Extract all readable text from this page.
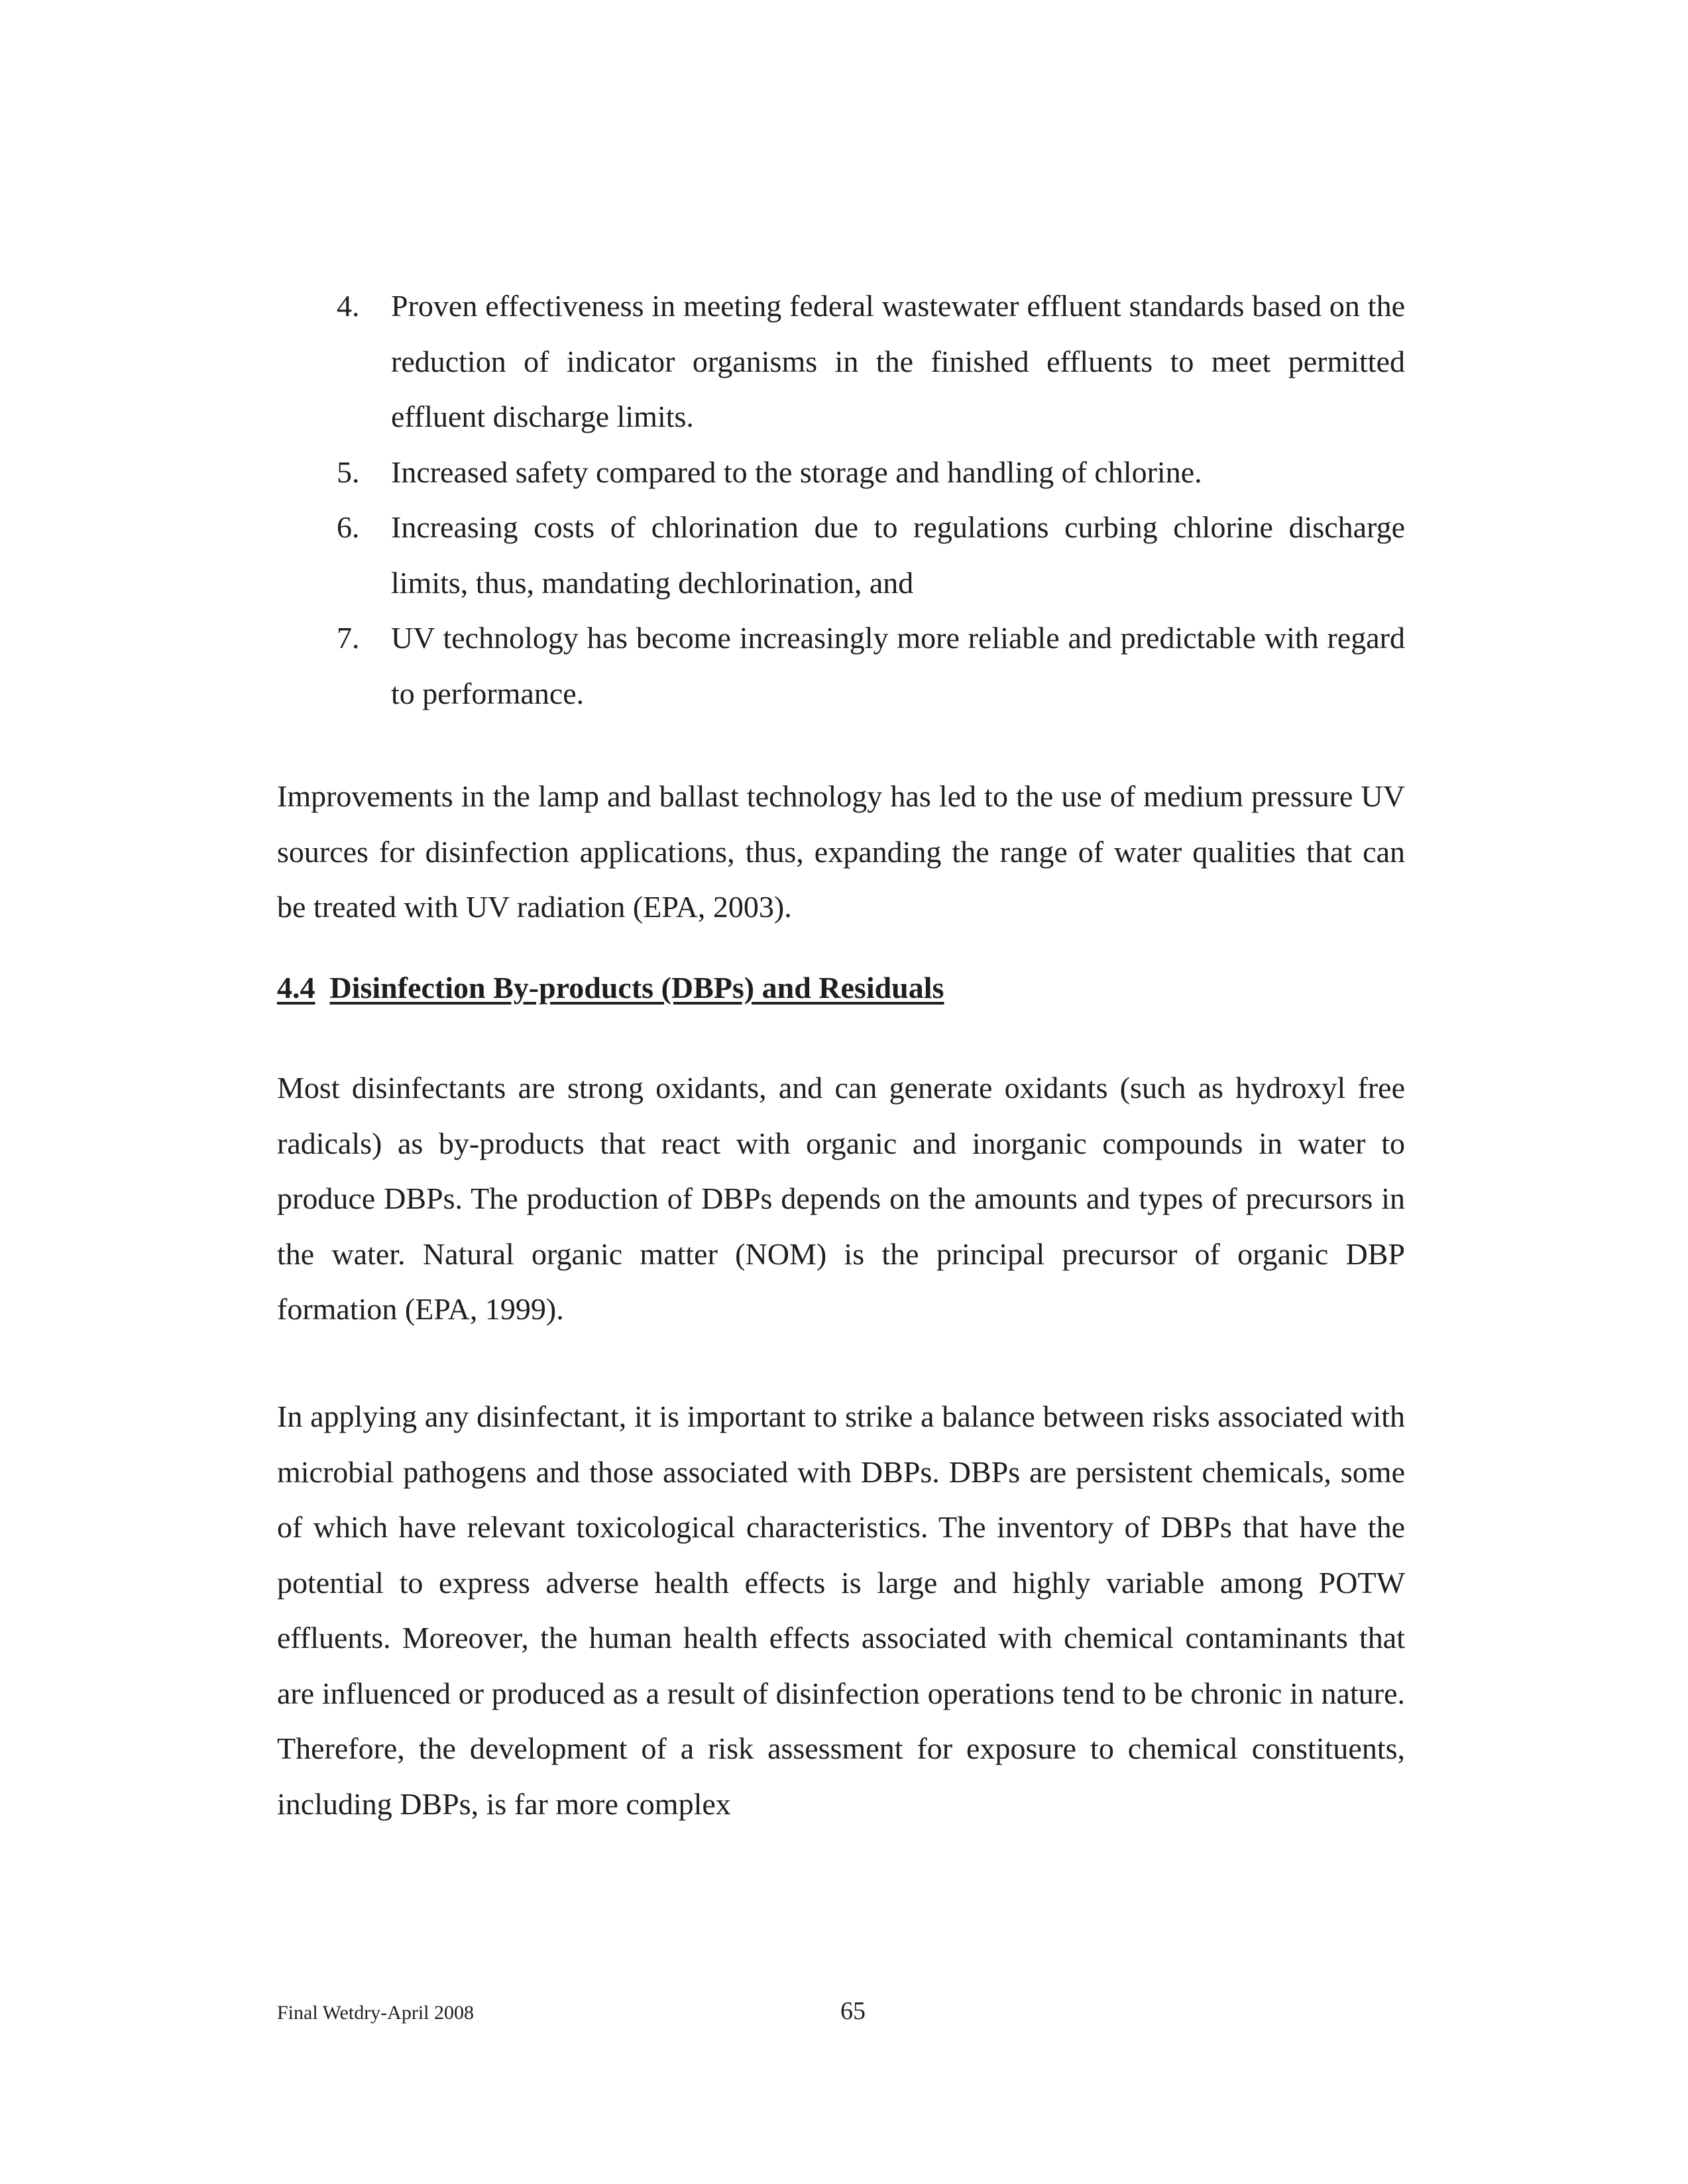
4. Proven effectiveness in meeting federal wastewater effluent standards based on the reduction of indicator organisms in the finished effluents to meet permitted effluent discharge limits.
5. Increased safety compared to the storage and handling of chlorine.
6. Increasing costs of chlorination due to regulations curbing chlorine discharge limits, thus, mandating dechlorination, and
7. UV technology has become increasingly more reliable and predictable with regard to performance.

Improvements in the lamp and ballast technology has led to the use of medium pressure UV sources for disinfection applications, thus, expanding the range of water qualities that can be treated with UV radiation (EPA, 2003).

4.4 Disinfection By-products (DBPs) and Residuals

Most disinfectants are strong oxidants, and can generate oxidants (such as hydroxyl free radicals) as by-products that react with organic and inorganic compounds in water to produce DBPs. The production of DBPs depends on the amounts and types of precursors in the water. Natural organic matter (NOM) is the principal precursor of organic DBP formation (EPA, 1999).

In applying any disinfectant, it is important to strike a balance between risks associated with microbial pathogens and those associated with DBPs. DBPs are persistent chemicals, some of which have relevant toxicological characteristics. The inventory of DBPs that have the potential to express adverse health effects is large and highly variable among POTW effluents. Moreover, the human health effects associated with chemical contaminants that are influenced or produced as a result of disinfection operations tend to be chronic in nature. Therefore, the development of a risk assessment for exposure to chemical constituents, including DBPs, is far more complex

Final Wetdry-April 2008	65
